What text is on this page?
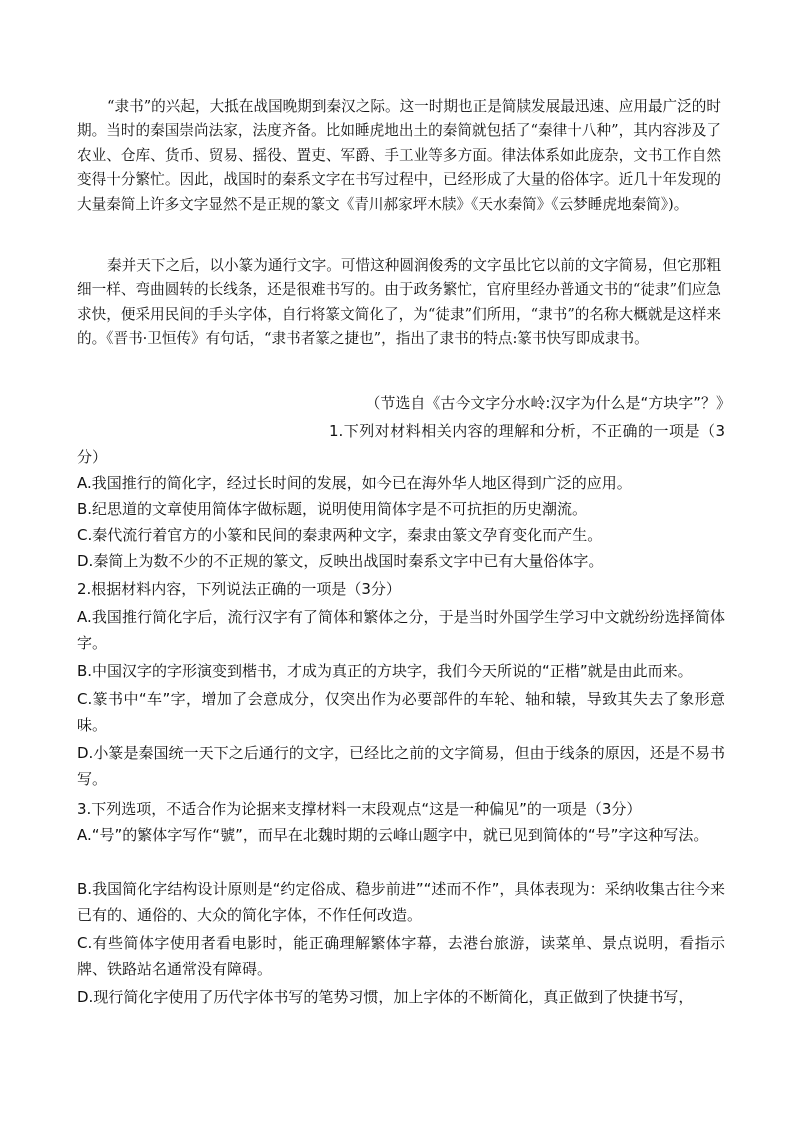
“隶书”的兴起，大抵在战国晚期到秦汉之际。这一时期也正是简牍发展最迅速、应用最广泛的时期。当时的秦国崇尚法家，法度齐备。比如睡虎地出土的秦简就包括了“秦律十八种”，其内容涉及了农业、仓库、货币、贸易、摇役、置吏、军爵、手工业等多方面。律法体系如此庞杂，文书工作自然变得十分繁忙。因此，战国时的秦系文字在书写过程中，已经形成了大量的俗体字。近几十年发现的大量秦简上许多文字显然不是正规的篆文《青川郝家坪木牍》《天水秦简》《云梦睡虎地秦简》)。
秦并天下之后，以小篆为通行文字。可惜这种圆润俊秀的文字虽比它以前的文字简易，但它那粗细一样、弯曲圆转的长线条，还是很难书写的。由于政务繁忙，官府里经办普通文书的“徒隶”们应急求快，便采用民间的手头字体，自行将篆文简化了，为“徒隶”们所用，“隶书”的名称大概就是这样来的。《晋书·卫恒传》有句话，“隶书者篆之捷也”，指出了隶书的特点:篆书快写即成隶书。
（节选自《古今文字分水岭:汉字为什么是“方块字”？》
1.下列对材料相关内容的理解和分析，不正确的一项是（3分）
A.我国推行的简化字，经过长时间的发展，如今已在海外华人地区得到广泛的应用。
B.纪思道的文章使用简体字做标题，说明使用简体字是不可抗拒的历史潮流。
C.秦代流行着官方的小篆和民间的秦隶两种文字，秦隶由篆文孕育变化而产生。
D.秦简上为数不少的不正规的篆文，反映出战国时秦系文字中已有大量俗体字。
2.根据材料内容，下列说法正确的一项是（3分）
A.我国推行简化字后，流行汉字有了简体和繁体之分，于是当时外国学生学习中文就纷纷选择简体字。
B.中国汉字的字形演变到楷书，才成为真正的方块字，我们今天所说的“正楷”就是由此而来。
C.篆书中“车”字，增加了会意成分，仅突出作为必要部件的车轮、轴和辕，导致其失去了象形意味。
D.小篆是秦国统一天下之后通行的文字，已经比之前的文字简易，但由于线条的原因，还是不易书写。
3.下列选项，不适合作为论据来支撑材料一末段观点“这是一种偏见”的一项是（3分）
A.“号”的繁体字写作“號”，而早在北魏时期的云峰山题字中，就已见到简体的“号”字这种写法。
B.我国简化字结构设计原则是“约定俗成、稳步前进”“述而不作”，具体表现为：采纳收集古往今来已有的、通俗的、大众的简化字体，不作任何改造。
C.有些简体字使用者看电影时，能正确理解繁体字幕，去港台旅游，读菜单、景点说明，看指示牌、铁路站名通常没有障碍。
D.现行简化字使用了历代字体书写的笔势习惯，加上字体的不断简化，真正做到了快捷书写，
